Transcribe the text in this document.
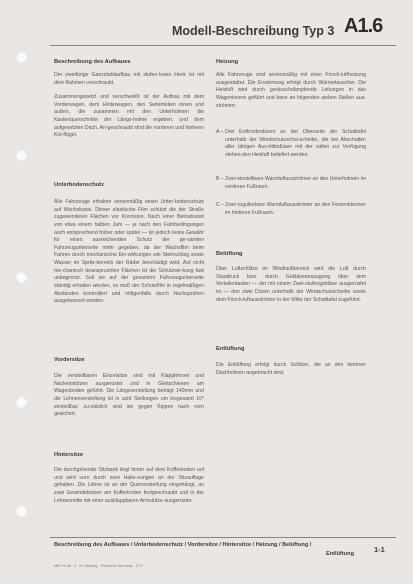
Modell-Beschreibung Typ 3 A1.6
Beschreibung des Aufbaues
Der zweitürige Ganzstahlaufbau mit stufen-losen Heck ist mit dem Rahmen verschraubt.
Zusammengesetzt und verschweißt ist der Aufbau mit dem Vorderwagen, dem Hinterwagen, den Seitenteilen innen und außen, die zusammen mit den Unterholmen die Kastenquerschnitte der Längs-holme ergeben, und dem aufgesetzten Dach. An-geschraubt sind die vorderen und hinteren Kot-flügel.
Unterbodenschutz
Alle Fahrzeuge erhalten serienmäßig einen Unter-bodenschutz auf Wachsbasis. Dieser elastische Film schützt die der Straße zugewendeten Flächen vor Korrosion. Nach einer Betriebszeit von etwa einem halben Jahr — je nach den Fahrbedingungen auch entsprechend früher oder später — ist jedoch keine Gewähr für einen ausreichenden Schutz der ge-samten Fahrzeugunterseite mehr gegeben, da der Wachsfilm beim Fahren durch mechanische Ein-wirkungen wie Steinschlag sowie Wasser im Spritz-bereich der Räder beschädigt wird. Auf nicht me-chanisch beanspruchten Flächen ist die Schutzwir-kung fast unbegrenzt. Soll sie auf der gesamten Fahrzeugunterseite ständig erhalten werden, so muß der Schutzfilm in regelmäßigen Abständen kontrolliert und nötigenfalls durch Nachsprühen ausgebessert werden.
Vordersitze
Die verstellbaren Einzelsitze sind mit Klapplehnen und Nackenstützen ausgerüstet und in Gleitschienen am Wagenboden geführt. Die Längsverstellung beträgt 140mm und die Lehnenverstellung ist in acht Stellungen um insgesamt 10° einstellbar, zu-sätzlich sind sie gegen Kippen nach vorn gesichert.
Hintersitze
Die durchgehende Sitzbank liegt hinter auf dem Kofferboden auf und wird vorn durch zwei Halte-zungen an der Sitzauflage gehalten. Die Lehne ist an der Querversteifung eingehängt, an zwei Gewindebolzen am Kofferboden festgeschraubt und in der Lehnenmitte mit einer ausklappbaren Armstütze ausgerüstet.
Heizung
Alle Fahrzeuge sind serienmäßig mit einer Frisch-luftheizung ausgestattet. Die Erwärmung erfolgt durch Wärmetauscher. Die Heizluft wird durch geräuschdämpfende Leitungen in das Wageninnere geführt und kann an folgenden sieben Stellen aus-strömen:
A – Drei Entfrosterdüsen an der Oberseite der Schalttafel unterhalb der Windschutzschei-scheibe, die bei Abschalten aller übrigen Aus-trittsdüsen mit der vollen zur Verfügung stehen-den Heizluft beliefert werden.
B – Zwei einstellbare Warmluftausströmer an den Unterholmen im vorderen Fußraum.
C – Zwei regulierbare Warmluftausströmer an den Fersenblechen im hinteren Fußraum.
Belüftung
Über Luftschlitze im Windlaufbereich wird die Luft durch Staudruck bzw. durch Gebläseansaugung über dem Verteilerkasten — der mit einem Zwei-stufengebläse ausgerüstet ist — den zwei Düsen unterhalb der Windschutzscheibe sowie dem Frisch-luftausströmer in der Mitte der Schalttafel zugeführt.
Entlüftung
Die Entlüftung erfolgt durch Schlitze, die an den hinteren Dachholmen angebracht sind.
Beschreibung des Aufbaues / Unterbodenschutz / Vordersitze / Hintersitze / Heizung / Belüftung /
Entlüftung	1-1
MB.7/4.08 · 4 · N. Hacking · Printed in Germany · 3.71
